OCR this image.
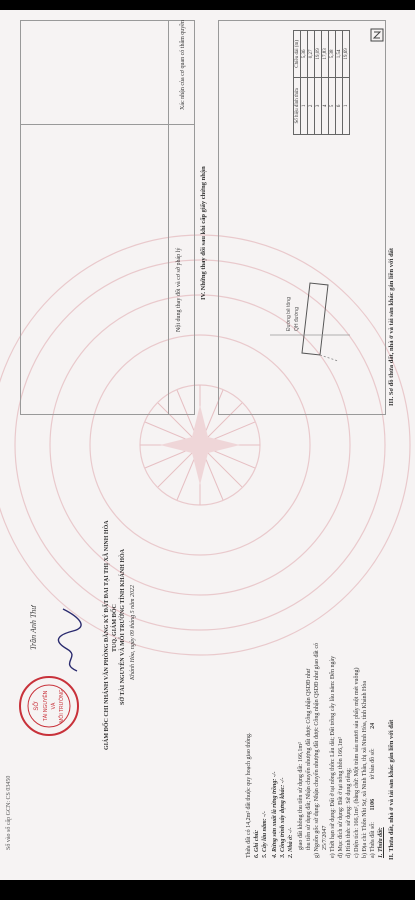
II. Thửa đất, nhà ở và tài sản khác gắn liền với đất
1. Thửa đất:
a) Thửa đất số: 1106 tờ bản đồ số: 24
b) Địa chỉ: Thôn Nhi Sự, xã Ninh Thân, thị xã Ninh Hòa, tỉnh Khánh Hòa
c) Diện tích: 166,1m², (bằng chữ: Một trăm sáu mươi sáu phẩy một mét vuông)
d) Hình thức sử dụng: Sử dụng riêng;
đ) Mục đích sử dụng: Đất ở tại nông thôn 166,1m²
e) Thời hạn sử dụng: Đất ở tại nông thôn: Lâu dài; Đất trồng cây lâu năm: Đến ngày
25/7/2047
g) Nguồn gốc sử dụng: Nhận chuyển nhượng đất được Công nhận QSDĐ như giao đất có
thu tiền sử dụng đất; Nhận chuyển nhượng đất được Công nhận QSDĐ như
giao đất không thu tiền sử dụng đất: 166,1m²
2. Nhà ở: -/-
3. Công trình xây dựng khác: -/-
4. Rừng sản xuất là rừng trồng: -/-
5. Cây lâu năm: -/-
6. Ghi chú:
Thửa đất có 14,2m² đất thuộc quy hoạch giao thông.
Khánh Hòa, ngày 09 tháng 5 năm 2022
SỞ TÀI NGUYÊN VÀ MÔI TRƯỜNG TỈNH KHÁNH HÒA
TUQ. GIÁM ĐỐC
GIÁM ĐỐC CHI NHÁNH VĂN PHÒNG ĐĂNG KÝ ĐẤT ĐAI TẠI THỊ XÃ NINH HÒA
SỞ TÀI NGUYÊN VÀ MÔI TRƯỜNG
Trần Anh Thư
Số vào sổ cấp GCN: CS 03450
III. Sơ đồ thửa đất, nhà ở và tài sản khác gắn liền với đất
Đường bê tông QH đường
Số hiệu đỉnh thửa	Chiều dài (m)
1	5,36
2	0,27
3	19,09
4	17,83
5	5,38
6	1,54
1	19,69
IV. Những thay đổi sau khi cấp giấy chứng nhận
Nội dung thay đổi và cơ sở pháp lý
Xác nhận của cơ quan có thẩm quyền
